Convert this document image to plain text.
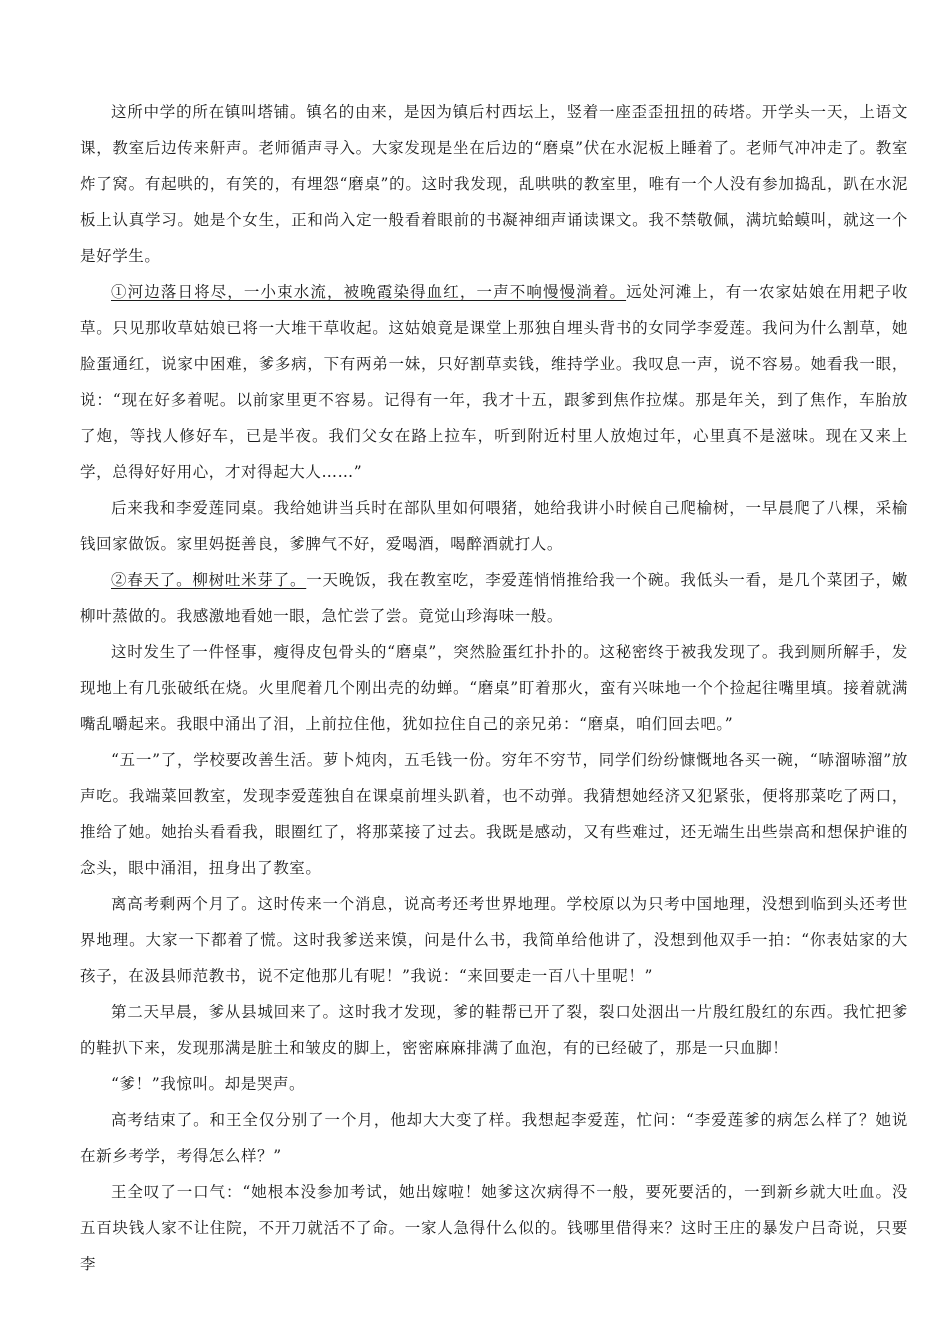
这所中学的所在镇叫塔铺。镇名的由来，是因为镇后村西坛上，竖着一座歪歪扭扭的砖塔。开学头一天，上语文课，教室后边传来鼾声。老师循声寻入。大家发现是坐在后边的“磨桌”伏在水泥板上睡着了。老师气冲冲走了。教室炸了窝。有起哄的，有笑的，有埋怨“磨桌”的。这时我发现，乱哄哄的教室里，唯有一个人没有参加捣乱，趴在水泥板上认真学习。她是个女生，正和尚入定一般看着眼前的书凝神细声诵读课文。我不禁敬佩，满坑蛤蟆叫，就这一个是好学生。

①河边落日将尽，一小束水流，被晚霞染得血红，一声不响慢慢淌着。远处河滩上，有一农家姑娘在用耙子收草。只见那收草姑娘已将一大堆干草收起。这姑娘竟是课堂上那独自埋头背书的女同学李爱莲。我问为什么割草，她脸蛋通红，说家中困难，爹多病，下有两弟一妹，只好割草卖钱，维持学业。我叹息一声，说不容易。她看我一眼，说：“现在好多着呢。以前家里更不容易。记得有一年，我才十五，跟爹到焦作拉煤。那是年关，到了焦作，车胎放了炮，等找人修好车，已是半夜。我们父女在路上拉车，听到附近村里人放炮过年，心里真不是滋味。现在又来上学，总得好好用心，才对得起大人……”

后来我和李爱莲同桌。我给她讲当兵时在部队里如何喂猪，她给我讲小时候自己爬榆树，一早晨爬了八棵，采榆钱回家做饭。家里妈挺善良，爹脾气不好，爱喝酒，喝醉酒就打人。

②春天了。柳树吐米芽了。一天晚饭，我在教室吃，李爱莲悄悄推给我一个碗。我低头一看，是几个菜团子，嫩柳叶蒸做的。我感激地看她一眼，急忙尝了尝。竟觉山珍海味一般。

这时发生了一件怪事，瘦得皮包骨头的“磨桌”，突然脸蛋红扑扑的。这秘密终于被我发现了。我到厕所解手，发现地上有几张破纸在烧。火里爬着几个刚出壳的幼蝉。“磨桌”盯着那火，蛮有兴味地一个个捡起往嘴里填。接着就满嘴乱嚼起来。我眼中涌出了泪，上前拉住他，犹如拉住自己的亲兄弟：“磨桌，咱们回去吧。”

“五一”了，学校要改善生活。萝卜炖肉，五毛钱一份。穷年不穷节，同学们纷纷慷慨地各买一碗，“哧溜哧溜”放声吃。我端菜回教室，发现李爱莲独自在课桌前埋头趴着，也不动弹。我猜想她经济又犯紧张，便将那菜吃了两口，推给了她。她抬头看看我，眼圈红了，将那菜接了过去。我既是感动，又有些难过，还无端生出些崇高和想保护谁的念头，眼中涌泪，扭身出了教室。

离高考剩两个月了。这时传来一个消息，说高考还考世界地理。学校原以为只考中国地理，没想到临到头还考世界地理。大家一下都着了慌。这时我爹送来馍，问是什么书，我简单给他讲了，没想到他双手一拍：“你表姑家的大孩子，在汲县师范教书，说不定他那儿有呢！”我说：“来回要走一百八十里呢！”

第二天早晨，爹从县城回来了。这时我才发现，爹的鞋帮已开了裂，裂口处洇出一片殷红殷红的东西。我忙把爹的鞋扒下来，发现那满是脏土和皱皮的脚上，密密麻麻排满了血泡，有的已经破了，那是一只血脚！

“爹！”我惊叫。却是哭声。

高考结束了。和王全仅分别了一个月，他却大大变了样。我想起李爱莲，忙问：“李爱莲爹的病怎么样了？她说在新乡考学，考得怎么样？”

王全叹了一口气：“她根本没参加考试，她出嫁啦！她爹这次病得不一般，要死要活的，一到新乡就大吐血。没五百块钱人家不让住院，不开刀就活不了命。一家人急得什么似的。钱哪里借得来？这时王庄的暴发户吕奇说，只要李
